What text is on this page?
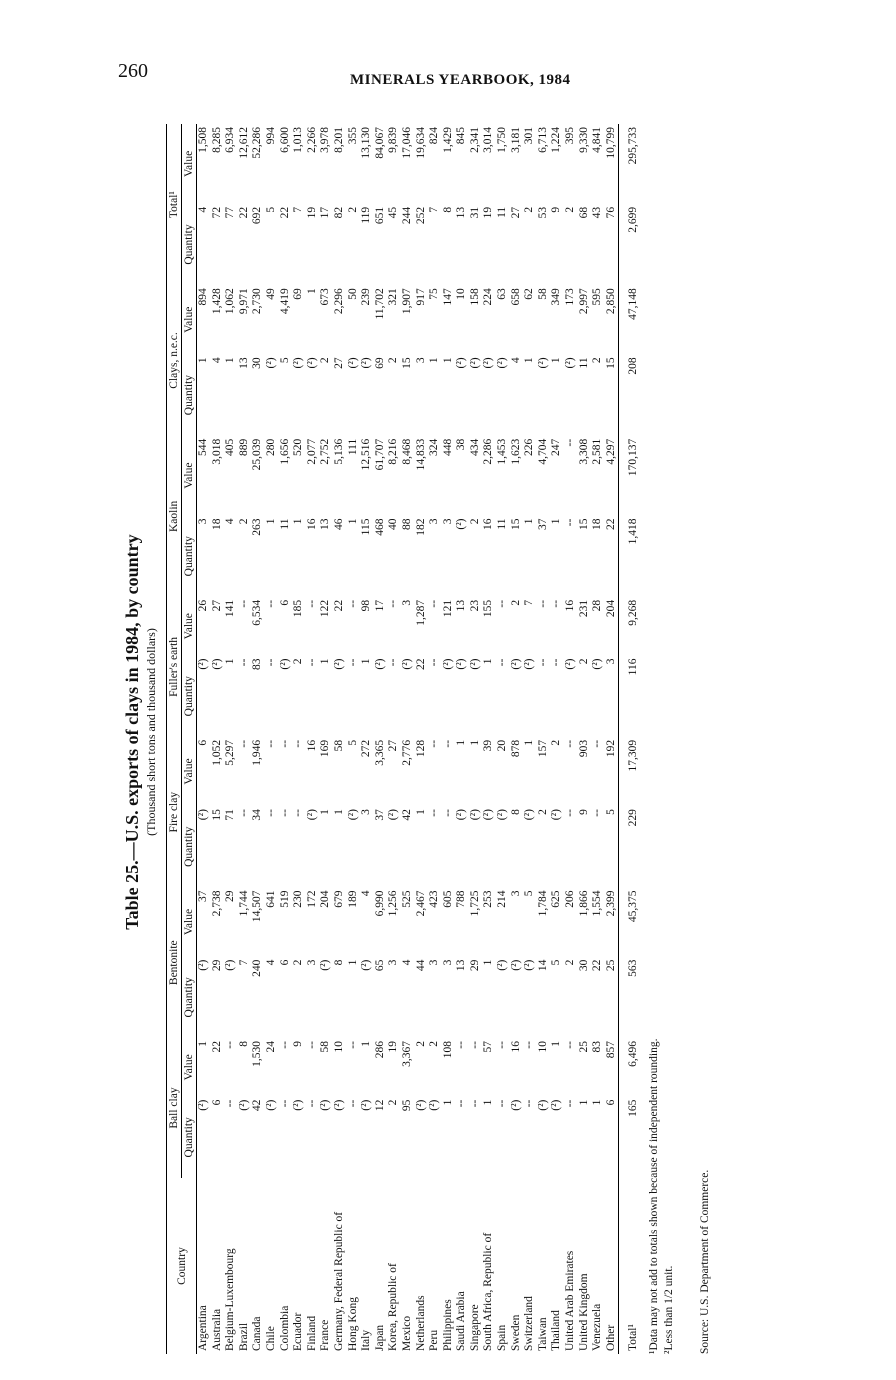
260	MINERALS YEARBOOK, 1984
Table 25.—U.S. exports of clays in 1984, by country (Thousand short tons and thousand dollars)
Country	Ball clay		Bentonite		Fire clay		Fuller's earth		Kaolin		Clays, n.e.c.		Total¹	
	Quantity	Value	Quantity	Value	Quantity	Value	Quantity	Value	Quantity	Value	Quantity	Value	Quantity	Value
Argentina	(²)	1	(²)	37	(²)	6	(²)	26	3	544	1	894	4	1,508
Australia	6	22	29	2,738	15	1,052	(²)	27	18	3,018	4	1,428	72	8,285
Belgium-Luxembourg	--	--	(²)	29	71	5,297	1	141	4	405	1	1,062	77	6,934
Brazil	(²)	8	7	1,744	--	--	--	--	2	889	13	9,971	22	12,612
Canada	42	1,530	240	14,507	34	1,946	83	6,534	263	25,039	30	2,730	692	52,286
Chile	(²)	24	4	641	--	--	--	--	1	280	(²)	49	5	994
Colombia	--	--	6	519	--	--	(²)	6	11	1,656	5	4,419	22	6,600
Ecuador	(²)	9	2	230	--	--	2	185	1	520	(²)	69	7	1,013
Finland	--	--	3	172	(²)	16	--	--	16	2,077	(²)	1	19	2,266
France	(²)	58	(²)	204	1	169	1	122	13	2,752	2	673	17	3,978
Germany, Federal Republic of	(²)	10	8	679	1	58	(²)	22	46	5,136	27	2,296	82	8,201
Hong Kong	--	--	1	189	(²)	5	--	--	1	111	(²)	50	2	355
Italy	(²)	1	(²)	4	3	272	1	98	115	12,516	(²)	239	119	13,130
Japan	12	286	65	6,990	37	3,365	(²)	17	468	61,707	69	11,702	651	84,067
Korea, Republic of	2	19	3	1,256	(²)	27	--	--	40	8,216	2	321	45	9,839
Mexico	95	3,367	4	525	42	2,776	(²)	3	88	8,468	15	1,907	244	17,046
Netherlands	(²)	2	44	2,467	1	128	22	1,287	182	14,833	3	917	252	19,634
Peru	(²)	2	3	423	--	--	--	--	3	324	1	75	7	824
Philippines	1	108	3	605	--	--	(²)	121	3	448	1	147	8	1,429
Saudi Arabia	--	--	13	788	(²)	1	(²)	13	(²)	38	(²)	10	13	845
Singapore	--	--	29	1,725	(²)	1	(²)	23	2	434	(²)	158	31	2,341
South Africa, Republic of	1	57	1	253	(²)	39	1	155	16	2,286	(²)	224	19	3,014
Spain	--	--	(²)	214	(²)	20	--	--	11	1,453	(²)	63	11	1,750
Sweden	(²)	16	(²)	3	8	878	(²)	2	15	1,623	4	658	27	3,181
Switzerland	--	--	(²)	5	(²)	1	(²)	7	1	226	1	62	2	301
Taiwan	(²)	10	14	1,784	2	157	--	--	37	4,704	(²)	58	53	6,713
Thailand	(²)	1	5	625	(²)	2	--	--	1	247	1	349	9	1,224
United Arab Emirates	--	--	2	206	--	--	(²)	16	--	--	(²)	173	2	395
United Kingdom	1	25	30	1,866	9	903	2	231	15	3,308	11	2,997	68	9,330
Venezuela	1	83	22	1,554	--	--	(²)	28	18	2,581	2	595	43	4,841
Other	6	857	25	2,399	5	192	3	204	22	4,297	15	2,850	76	10,799
Total¹	165	6,496	563	45,375	229	17,309	116	9,268	1,418	170,137	208	47,148	2,699	295,733
¹Data may not add to totals shown because of independent rounding. ²Less than 1/2 unit. Source: U.S. Department of Commerce.
